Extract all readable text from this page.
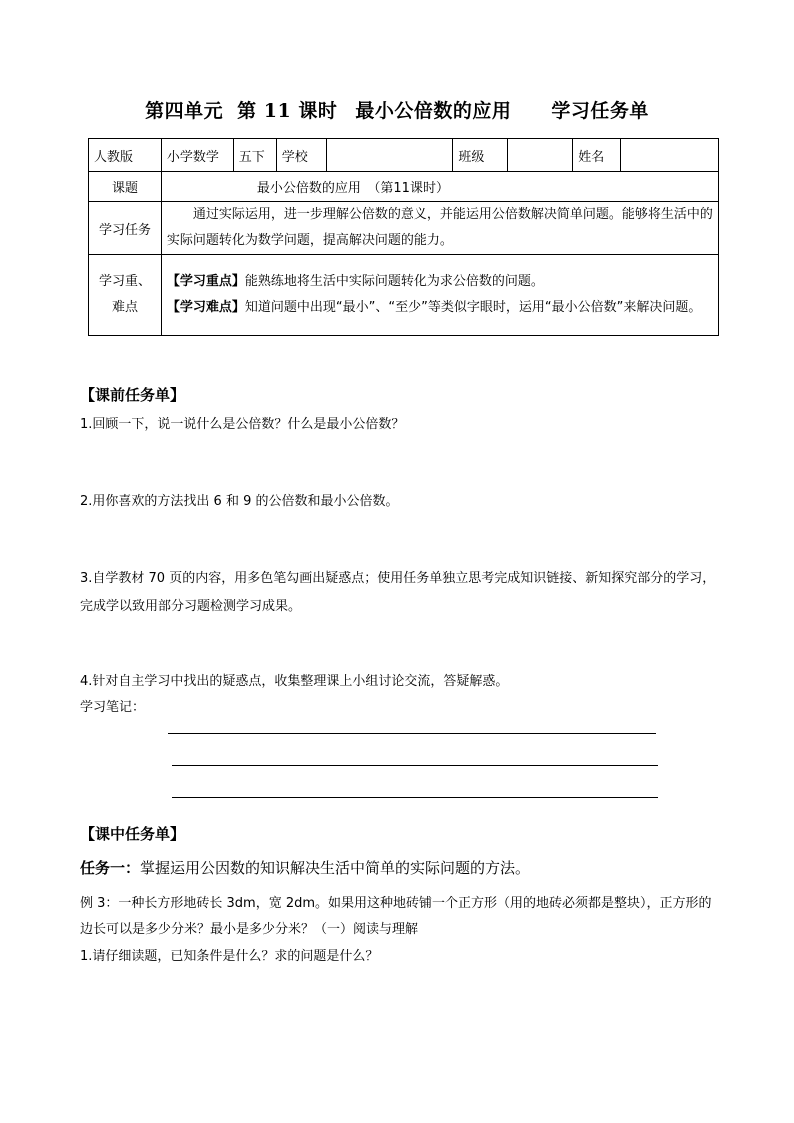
第四单元 第 11 课时 最小公倍数的应用 学习任务单
人教版	小学数学	五下	学校		班级		姓名	
课题	最小公倍数的应用　（第11课时）							
学习任务	通过实际运用，进一步理解公倍数的意义，并能运用公倍数解决简单问题。能够将生活中的实际问题转化为数学问题，提高解决问题的能力。							
学习重、
难点	【学习重点】能熟练地将生活中实际问题转化为求公倍数的问题。
【学习难点】知道问题中出现“最小”、“至少”等类似字眼时，运用“最小公倍数”来解决问题。							
【课前任务单】
1.回顾一下，说一说什么是公倍数？什么是最小公倍数？
2.用你喜欢的方法找出 6 和 9 的公倍数和最小公倍数。
3.自学教材 70 页的内容，用多色笔勾画出疑惑点；使用任务单独立思考完成知识链接、新知探究部分的学习，完成学以致用部分习题检测学习成果。
4.针对自主学习中找出的疑惑点，收集整理课上小组讨论交流，答疑解惑。
学习笔记：
【课中任务单】
任务一：掌握运用公因数的知识解决生活中简单的实际问题的方法。
例 3：一种长方形地砖长 3dm，宽 2dm。如果用这种地砖铺一个正方形（用的地砖必须都是整块），正方形的边长可以是多少分米？最小是多少分米？（一）阅读与理解
1.请仔细读题，已知条件是什么？求的问题是什么？
